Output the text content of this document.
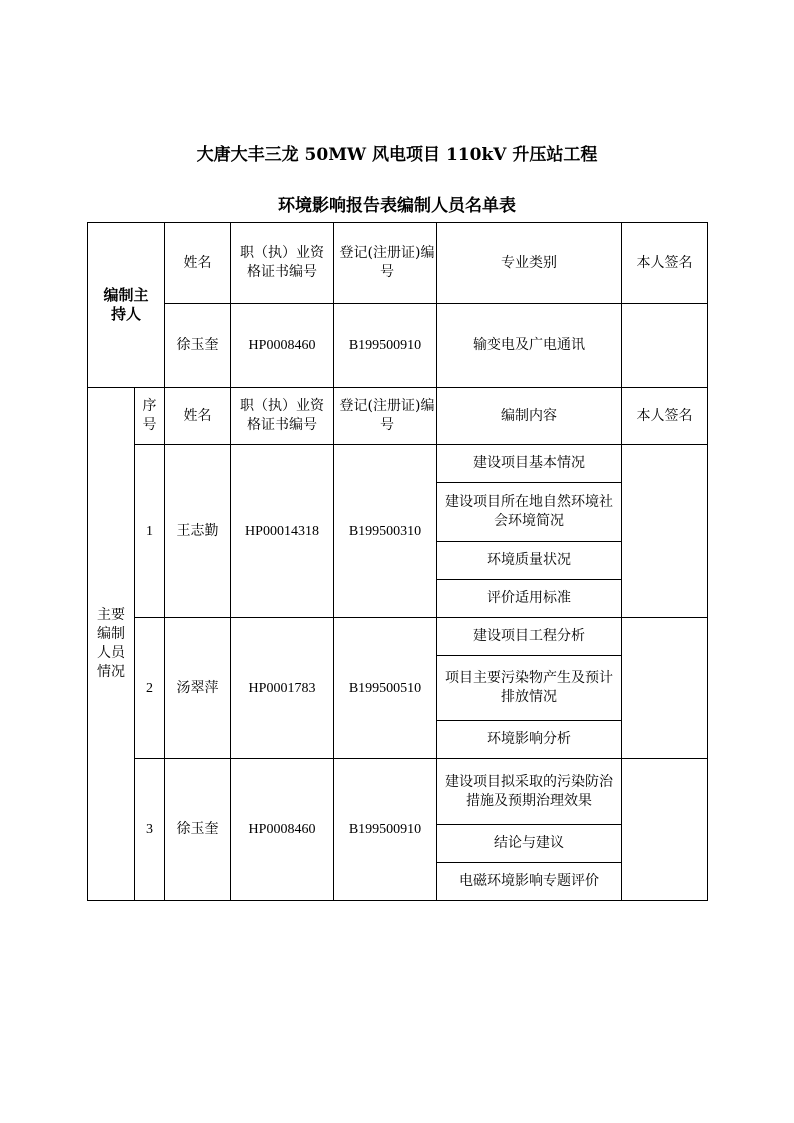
大唐大丰三龙 50MW 风电项目 110kV 升压站工程
环境影响报告表编制人员名单表
编制主持人		姓名	职（执）业资格证书编号	登记(注册证)编号	专业类别	本人签名
		徐玉奎	HP0008460	B199500910	输变电及广电通讯	
主要编制人员情况	序号	姓名	职（执）业资格证书编号	登记(注册证)编号	编制内容	本人签名
	1	王志勤	HP00014318	B199500310	建设项目基本情况	
					建设项目所在地自然环境社会环境简况	
					环境质量状况	
					评价适用标准	
	2	汤翠萍	HP0001783	B199500510	建设项目工程分析	
					项目主要污染物产生及预计排放情况	
					环境影响分析	
	3	徐玉奎	HP0008460	B199500910	建设项目拟采取的污染防治措施及预期治理效果	
					结论与建议	
					电磁环境影响专题评价	
